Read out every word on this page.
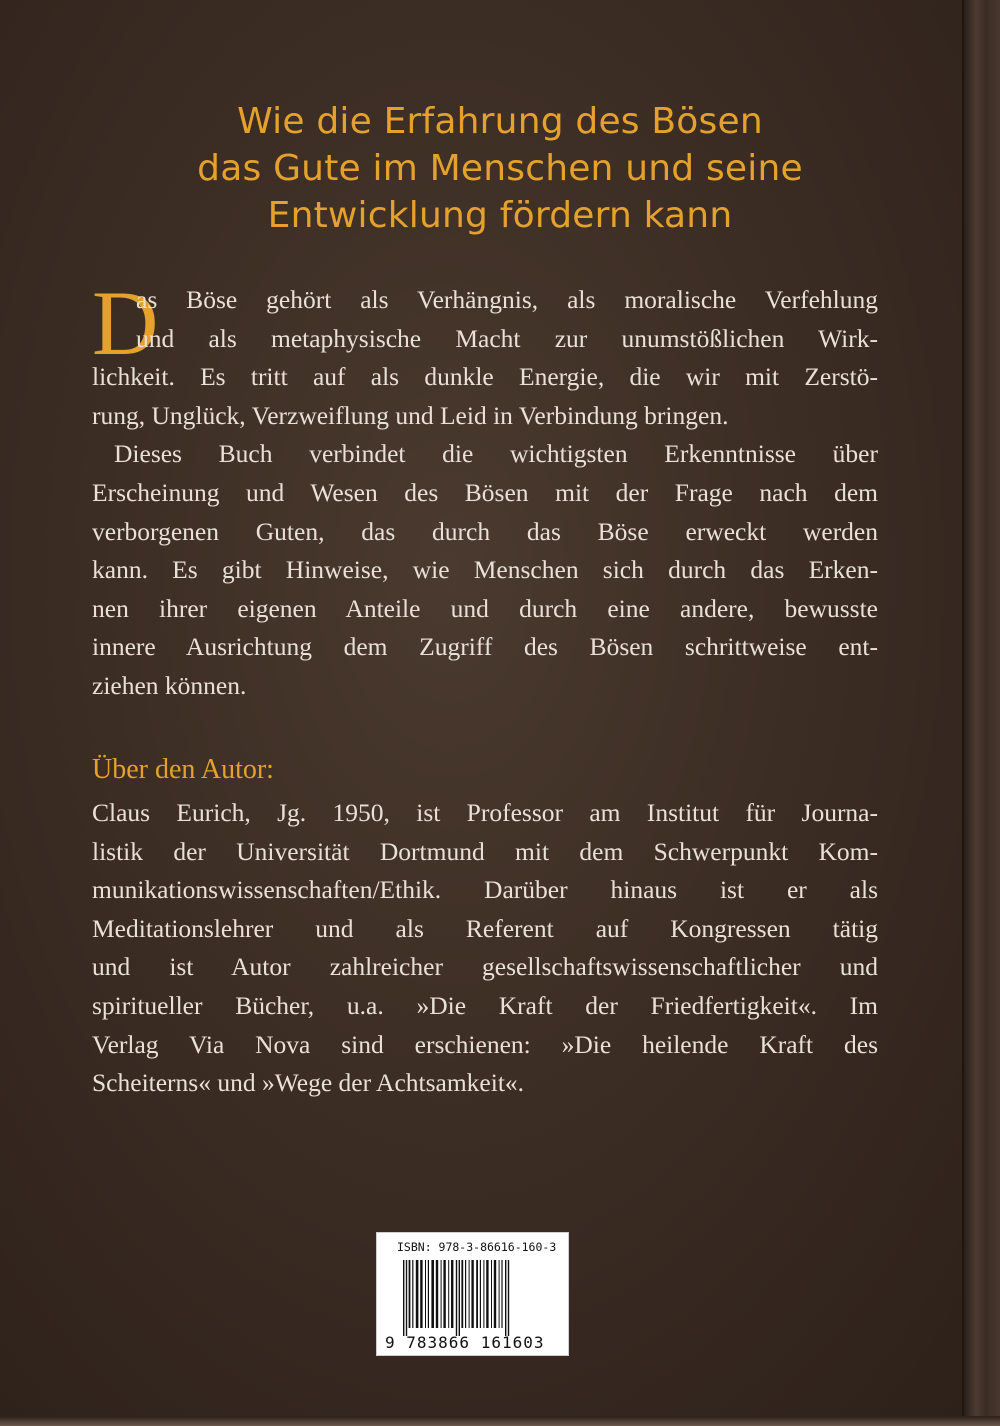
Wie die Erfahrung des Bösen
das Gute im Menschen und seine
Entwicklung fördern kann
D
as Böse gehört als Verhängnis, als moralische Verfehlung
und als metaphysische Macht zur unumstößlichen Wirk-
lichkeit. Es tritt auf als dunkle Energie, die wir mit Zerstö-
rung, Unglück, Verzweiflung und Leid in Verbindung bringen.
Dieses Buch verbindet die wichtigsten Erkenntnisse über
Erscheinung und Wesen des Bösen mit der Frage nach dem
verborgenen Guten, das durch das Böse erweckt werden
kann. Es gibt Hinweise, wie Menschen sich durch das Erken-
nen ihrer eigenen Anteile und durch eine andere, bewusste
innere Ausrichtung dem Zugriff des Bösen schrittweise ent-
ziehen können.
Über den Autor:
Claus Eurich, Jg. 1950, ist Professor am Institut für Journa-
listik der Universität Dortmund mit dem Schwerpunkt Kom-
munikationswissenschaften/Ethik. Darüber hinaus ist er als
Meditationslehrer und als Referent auf Kongressen tätig
und ist Autor zahlreicher gesellschaftswissenschaftlicher und
spiritueller Bücher, u.a. »Die Kraft der Friedfertigkeit«. Im
Verlag Via Nova sind erschienen: »Die heilende Kraft des
Scheiterns« und »Wege der Achtsamkeit«.
ISBN: 978-3-86616-160-3
9 783866 161603
